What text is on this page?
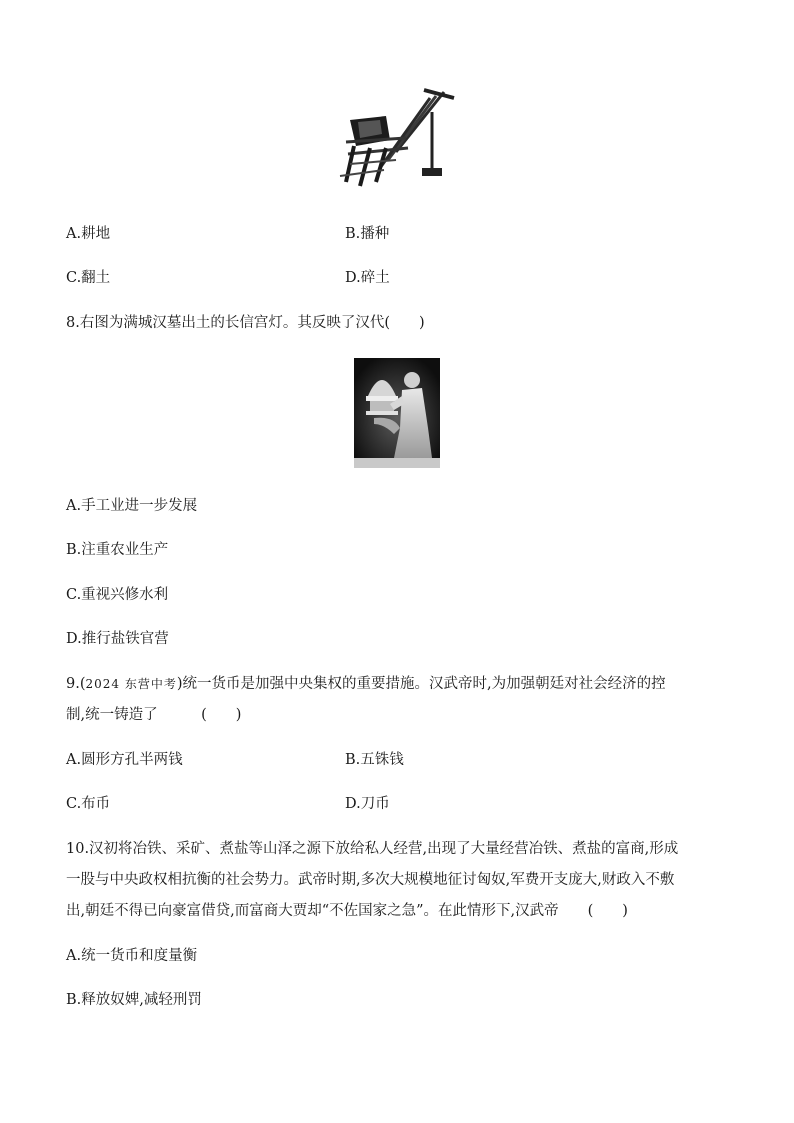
A.耕地	B.播种
C.翻土	D.碎土
8.右图为满城汉墓出土的长信宫灯。其反映了汉代(　　)
A.手工业进一步发展
B.注重农业生产
C.重视兴修水利
D.推行盐铁官营
9.(2024 东营中考)统一货币是加强中央集权的重要措施。汉武帝时,为加强朝廷对社会经济的控
制,统一铸造了　　　(　　)
A.圆形方孔半两钱	B.五铢钱
C.布币	D.刀币
10.汉初将冶铁、采矿、煮盐等山泽之源下放给私人经营,出现了大量经营冶铁、煮盐的富商,形成
一股与中央政权相抗衡的社会势力。武帝时期,多次大规模地征讨匈奴,军费开支庞大,财政入不敷
出,朝廷不得已向豪富借贷,而富商大贾却“不佐国家之急”。在此情形下,汉武帝　　(　　)
A.统一货币和度量衡
B.释放奴婢,减轻刑罚
